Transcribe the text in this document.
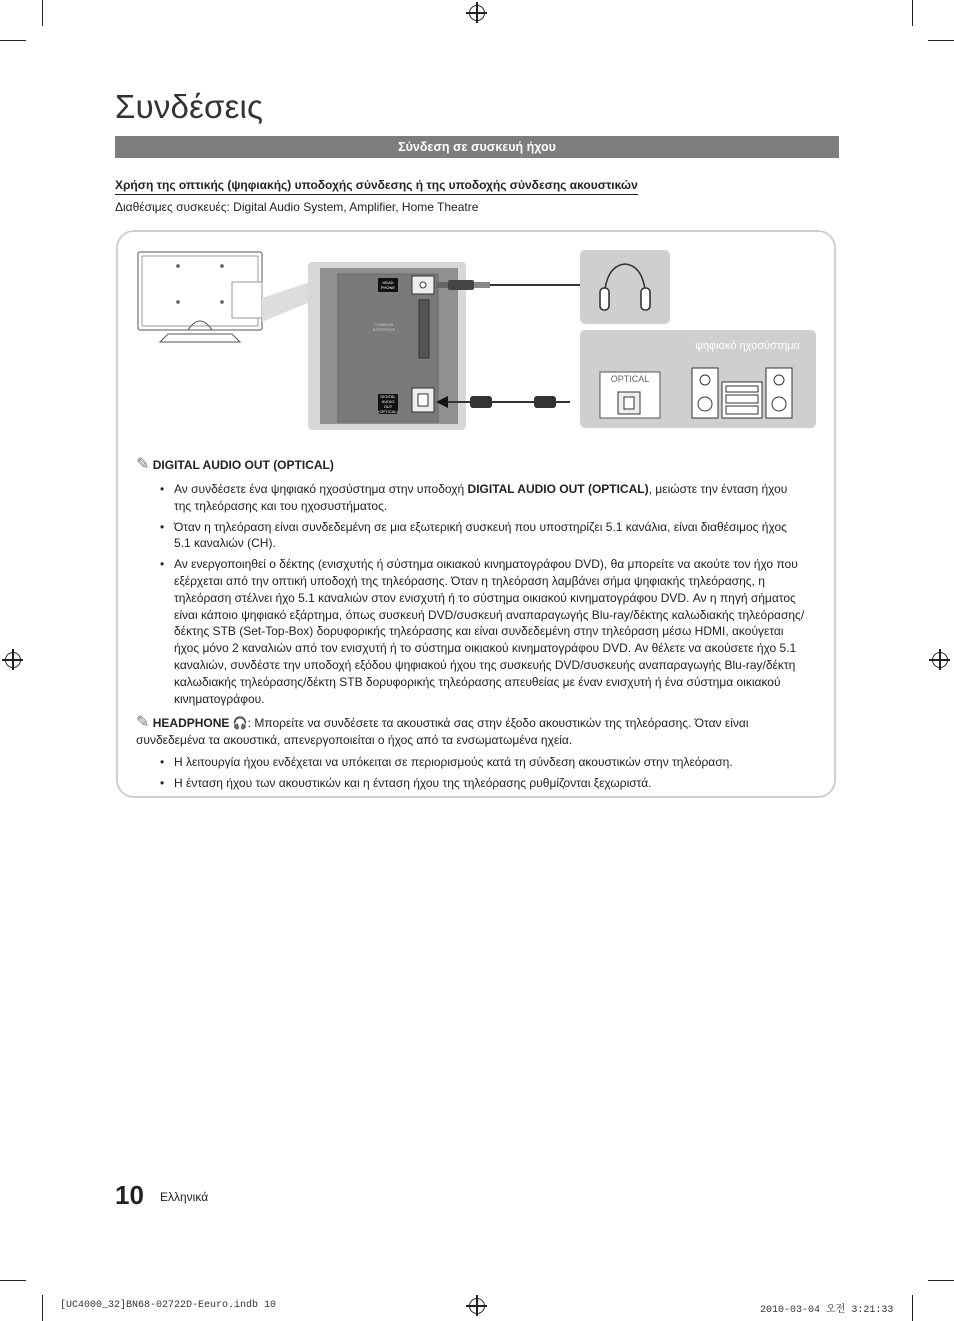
Συνδέσεις
Σύνδεση σε συσκευή ήχου
Χρήση της οπτικής (ψηφιακής) υποδοχής σύνδεσης ή της υποδοχής σύνδεσης ακουστικών
Διαθέσιμες συσκευές: Digital Audio System, Amplifier, Home Theatre
HEAD PHONE
COMMON INTERFACE
DIGITAL AUDIO OUT (OPTICAL)
ψηφιακό ηχοσύστημα
OPTICAL
✎ DIGITAL AUDIO OUT (OPTICAL)
• Αν συνδέσετε ένα ψηφιακό ηχοσύστημα στην υποδοχή DIGITAL AUDIO OUT (OPTICAL), μειώστε την ένταση ήχου της τηλεόρασης και του ηχοσυστήματος.
• Όταν η τηλεόραση είναι συνδεδεμένη σε μια εξωτερική συσκευή που υποστηρίζει 5.1 κανάλια, είναι διαθέσιμος ήχος 5.1 καναλιών (CH).
• Αν ενεργοποιηθεί ο δέκτης (ενισχυτής ή σύστημα οικιακού κινηματογράφου DVD), θα μπορείτε να ακούτε τον ήχο που εξέρχεται από την οπτική υποδοχή της τηλεόρασης. Όταν η τηλεόραση λαμβάνει σήμα ψηφιακής τηλεόρασης, η τηλεόραση στέλνει ήχο 5.1 καναλιών στον ενισχυτή ή το σύστημα οικιακού κινηματογράφου DVD. Αν η πηγή σήματος είναι κάποιο ψηφιακό εξάρτημα, όπως συσκευή DVD/συσκευή αναπαραγωγής Blu-ray/δέκτης καλωδιακής τηλεόρασης/δέκτης STB (Set-Top-Box) δορυφορικής τηλεόρασης και είναι συνδεδεμένη στην τηλεόραση μέσω HDMI, ακούγεται ήχος μόνο 2 καναλιών από τον ενισχυτή ή το σύστημα οικιακού κινηματογράφου DVD. Αν θέλετε να ακούσετε ήχο 5.1 καναλιών, συνδέστε την υποδοχή εξόδου ψηφιακού ήχου της συσκευής DVD/συσκευής αναπαραγωγής Blu-ray/δέκτη καλωδιακής τηλεόρασης/δέκτη STB δορυφορικής τηλεόρασης απευθείας με έναν ενισχυτή ή ένα σύστημα οικιακού κινηματογράφου.
✎ HEADPHONE 🎧: Μπορείτε να συνδέσετε τα ακουστικά σας στην έξοδο ακουστικών της τηλεόρασης. Όταν είναι συνδεδεμένα τα ακουστικά, απενεργοποιείται ο ήχος από τα ενσωματωμένα ηχεία.
• Η λειτουργία ήχου ενδέχεται να υπόκειται σε περιορισμούς κατά τη σύνδεση ακουστικών στην τηλεόραση.
• Η ένταση ήχου των ακουστικών και η ένταση ήχου της τηλεόρασης ρυθμίζονται ξεχωριστά.
10 Ελληνικά
[UC4000_32]BN68-02722D-Eeuro.indb 10	2010-03-04 오전 3:21:33
